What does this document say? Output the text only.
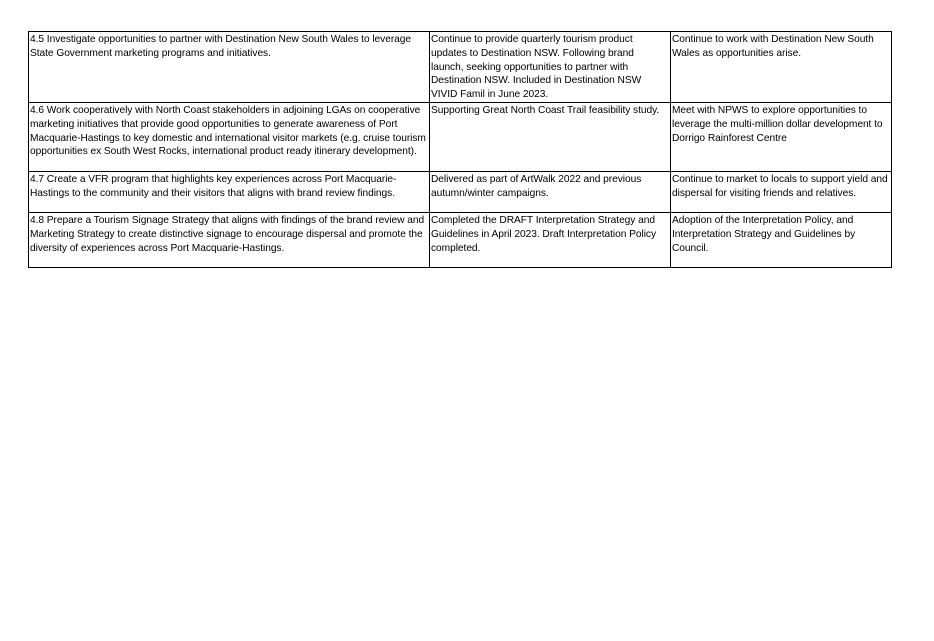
4.5 Investigate opportunities to partner with Destination New South Wales to leverage State Government marketing programs and initiatives.	Continue to provide quarterly tourism product updates to Destination NSW. Following brand launch, seeking opportunities to partner with Destination NSW. Included in Destination NSW VIVID Famil in June 2023.	Continue to work with Destination New South Wales as opportunities arise.
4.6 Work cooperatively with North Coast stakeholders in adjoining LGAs on cooperative marketing initiatives that provide good opportunities to generate awareness of Port Macquarie-Hastings to key domestic and international visitor markets (e.g. cruise tourism opportunities ex South West Rocks, international product ready itinerary development).	Supporting Great North Coast Trail feasibility study.	Meet with NPWS to explore opportunities to leverage the multi-million dollar development to Dorrigo Rainforest Centre
4.7 Create a VFR program that highlights key experiences across Port Macquarie-Hastings to the community and their visitors that aligns with brand review findings.	Delivered as part of ArtWalk 2022 and previous autumn/winter campaigns.	Continue to market to locals to support yield and dispersal for visiting friends and relatives.
4.8 Prepare a Tourism Signage Strategy that aligns with findings of the brand review and Marketing Strategy to create distinctive signage to encourage dispersal and promote the diversity of experiences across Port Macquarie-Hastings.	Completed the DRAFT Interpretation Strategy and Guidelines in April 2023. Draft Interpretation Policy completed.	Adoption of the Interpretation Policy, and Interpretation Strategy and Guidelines by Council.
